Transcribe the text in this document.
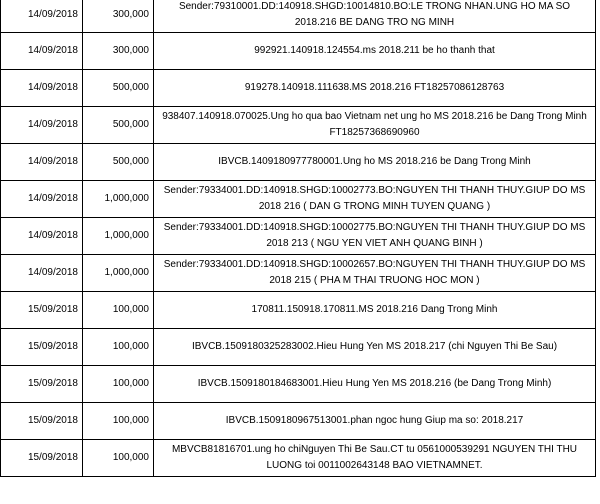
14/09/2018	300,000	Sender:79310001.DD:140918.SHGD:10014810.BO:LE TRONG NHAN.UNG HO MA SO 2018.216 BE DANG TRO NG MINH
14/09/2018	300,000	992921.140918.124554.ms 2018.211 be ho thanh that
14/09/2018	500,000	919278.140918.111638.MS 2018.216 FT18257086128763
14/09/2018	500,000	938407.140918.070025.Ung ho qua bao Vietnam net ung ho MS 2018.216 be Dang Trong Minh FT18257368690960
14/09/2018	500,000	IBVCB.1409180977780001.Ung ho MS 2018.216 be Dang Trong Minh
14/09/2018	1,000,000	Sender:79334001.DD:140918.SHGD:10002773.BO:NGUYEN THI THANH THUY.GIUP DO MS 2018 216 ( DAN G TRONG MINH TUYEN QUANG )
14/09/2018	1,000,000	Sender:79334001.DD:140918.SHGD:10002775.BO:NGUYEN THI THANH THUY.GIUP DO MS 2018 213 ( NGU YEN VIET ANH QUANG BINH )
14/09/2018	1,000,000	Sender:79334001.DD:140918.SHGD:10002657.BO:NGUYEN THI THANH THUY.GIUP DO MS 2018 215 ( PHA M THAI TRUONG HOC MON )
15/09/2018	100,000	170811.150918.170811.MS 2018.216 Dang Trong Minh
15/09/2018	100,000	IBVCB.1509180325283002.Hieu Hung Yen MS 2018.217 (chi Nguyen Thi Be Sau)
15/09/2018	100,000	IBVCB.1509180184683001.Hieu Hung Yen MS 2018.216 (be Dang Trong Minh)
15/09/2018	100,000	IBVCB.1509180967513001.phan ngoc hung Giup ma so: 2018.217
15/09/2018	100,000	MBVCB81816701.ung ho chiNguyen Thi Be Sau.CT tu 0561000539291 NGUYEN THI THU LUONG toi 0011002643148 BAO VIETNAMNET.
